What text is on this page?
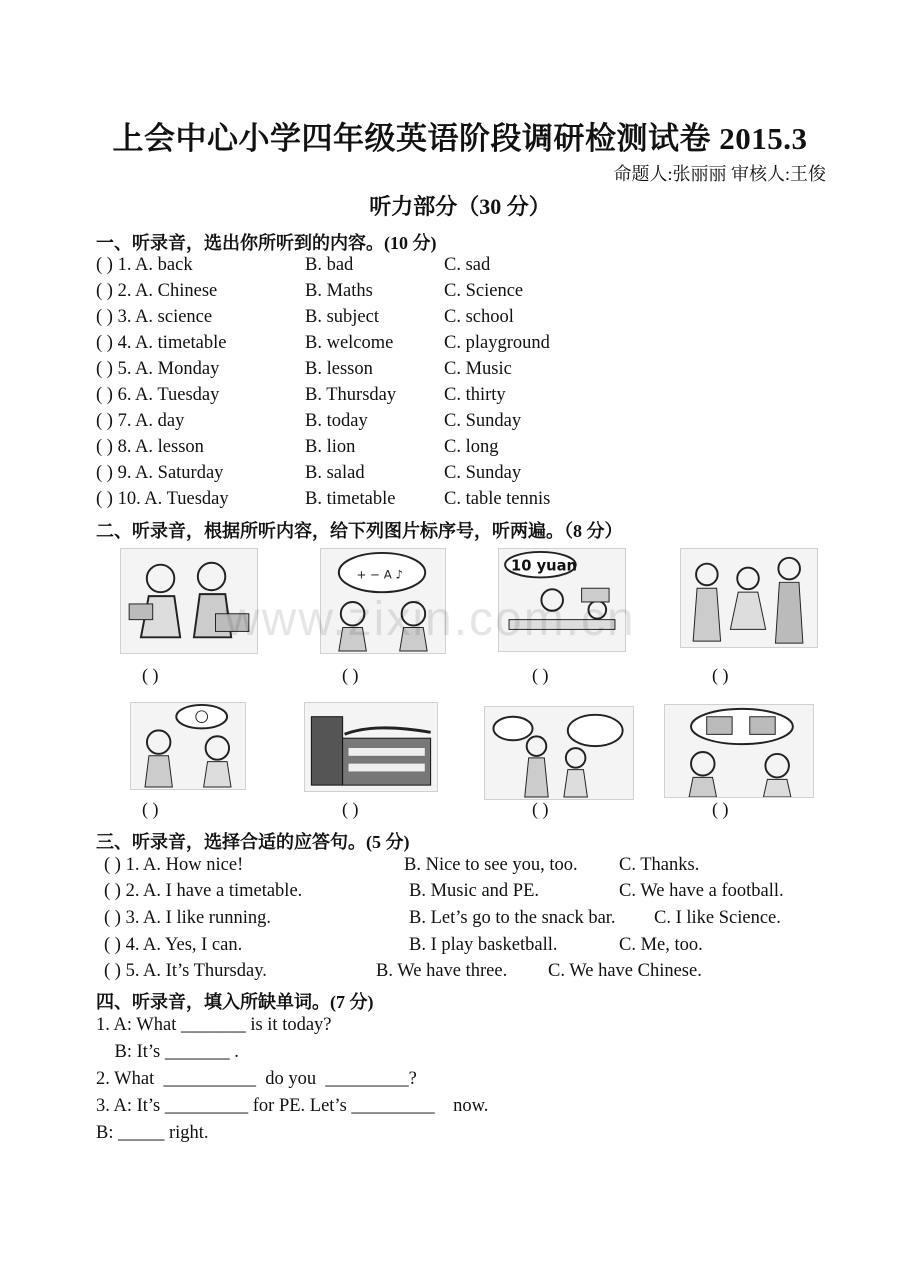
上会中心小学四年级英语阶段调研检测试卷 2015.3
命题人:张丽丽 审核人:王俊
听力部分（30 分）
一、听录音，选出你所听到的内容。(10 分)
( ) 1. A. back	B. bad	C. sad
( ) 2. A. Chinese	B. Maths	C. Science
( ) 3. A. science	B. subject	C. school
( ) 4. A. timetable	B. welcome	C. playground
( ) 5. A. Monday	B. lesson	C. Music
( ) 6. A. Tuesday	B. Thursday	C. thirty
( ) 7. A. day	B. today	C. Sunday
( ) 8. A. lesson	B. lion	C. long
( ) 9. A. Saturday	B. salad	C. Sunday
( ) 10. A. Tuesday	B. timetable	C. table tennis
二、听录音，根据所听内容，给下列图片标序号，听两遍。（8 分）
+ − A ♪	10 yuan
( )	( )	( )	( )
( )	( )	( )	( )
三、听录音，选择合适的应答句。(5 分)
( ) 1. A. How nice!	B. Nice to see you, too. C. Thanks.
( ) 2. A. I have a timetable.	B. Music and PE.	C. We have a football.
( ) 3. A. I like running.	B. Let’s go to the snack bar. C. I like Science.
( ) 4. A. Yes, I can.	B. I play basketball.	C. Me, too.
( ) 5. A. It’s Thursday.	B. We have three. C. We have Chinese.
四、听录音，填入所缺单词。(7 分)
1. A: What _______ is it today?
B: It’s _______ .
2. What  __________  do you  _________?
3. A: It’s _________ for PE. Let’s _________    now.
B: _____ right.
www.zixin.com.cn
